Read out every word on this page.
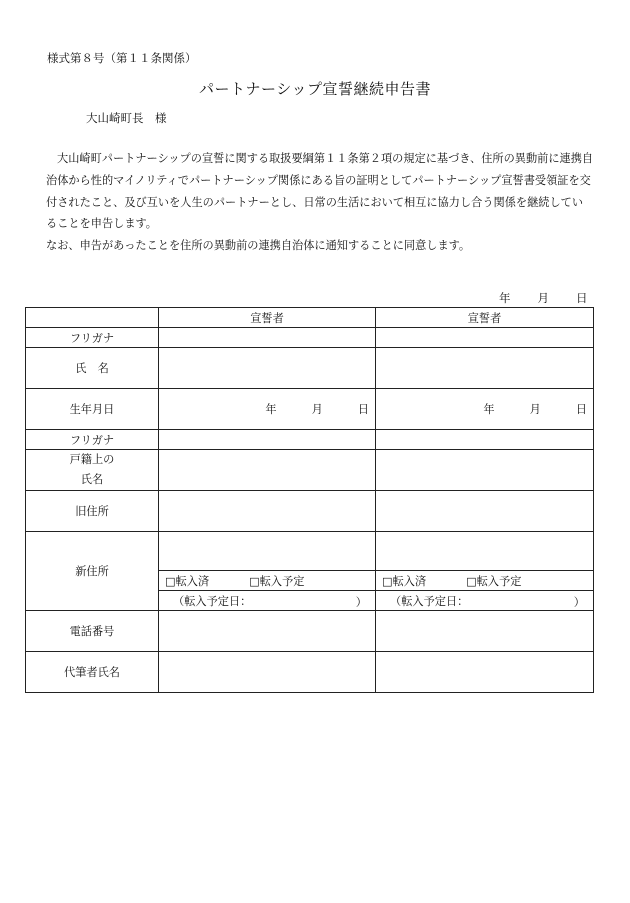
様式第８号（第１１条関係）
パートナーシップ宣誓継続申告書
大山崎町長　様

大山崎町パートナーシップの宣誓に関する取扱要綱第１１条第２項の規定に基づき、住所の異動前に連携自治体から性的マイノリティでパートナーシップ関係にある旨の証明としてパートナーシップ宣誓書受領証を交付されたこと、及び互いを人生のパートナーとし、日常の生活において相互に協力し合う関係を継続していることを申告します。

なお、申告があったことを住所の異動前の連携自治体に通知することに同意します。

年 月 日
	宣誓者	宣誓者
フリガナ		
氏　名		
生年月日	年 月 日	年 月 日
フリガナ		

戸籍上の
氏名		

旧住所		
新住所		
	□転入済 □転入予定	□転入済 □転入予定
	（転入予定日： ）	（転入予定日： ）

電話番号		
代筆者氏名		
